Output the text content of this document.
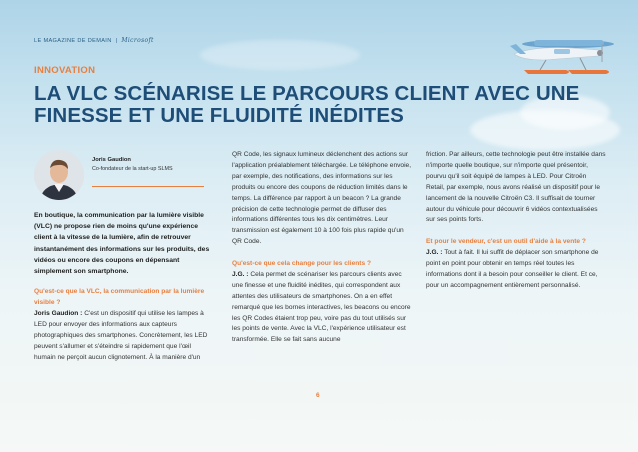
LE MAGAZINE DE DEMAIN | Microsoft
INNOVATION
LA VLC SCÉNARISE LE PARCOURS CLIENT AVEC UNE FINESSE ET UNE FLUIDITÉ INÉDITES
Joris Gaudion
Co-fondateur de la start-up SLMS

En boutique, la communication par la lumière visible (VLC) ne propose rien de moins qu'une expérience client à la vitesse de la lumière, afin de retrouver instantanément des informations sur les produits, des vidéos ou encore des coupons en dépensant simplement son smartphone.

Qu'est-ce que la VLC, la communication par la lumière visible ?
Joris Gaudion : C'est un dispositif qui utilise les lampes à LED pour envoyer des informations aux capteurs photographiques des smartphones. Concrètement, les LED peuvent s'allumer et s'éteindre si rapidement que l'œil humain ne perçoit aucun clignotement. À la manière d'un

QR Code, les signaux lumineux déclenchent des actions sur l'application préalablement téléchargée. Le téléphone envoie, par exemple, des notifications, des informations sur les produits ou encore des coupons de réduction limités dans le temps. La différence par rapport à un beacon ? La grande précision de cette technologie permet de diffuser des informations différentes tous les dix centimètres. Leur transmission est également 10 à 100 fois plus rapide qu'un QR Code.

Qu'est-ce que cela change pour les clients ?
J.G. : Cela permet de scénariser les parcours clients avec une finesse et une fluidité inédites, qui correspondent aux attentes des utilisateurs de smartphones. On a en effet remarqué que les bornes interactives, les beacons ou encore les QR Codes étaient trop peu, voire pas du tout utilisés sur les points de vente. Avec la VLC, l'expérience utilisateur est transformée. Elle se fait sans aucune

friction. Par ailleurs, cette technologie peut être installée dans n'importe quelle boutique, sur n'importe quel présentoir, pourvu qu'il soit équipé de lampes à LED. Pour Citroën Retail, par exemple, nous avons réalisé un dispositif pour le lancement de la nouvelle Citroën C3. Il suffisait de tourner autour du véhicule pour découvrir 6 vidéos contextualisées sur ses points forts.

Et pour le vendeur, c'est un outil d'aide à la vente ?
J.G. : Tout à fait. Il lui suffit de déplacer son smartphone de point en point pour obtenir en temps réel toutes les informations dont il a besoin pour conseiller le client. Et ce, pour un accompagnement entièrement personnalisé.

6
